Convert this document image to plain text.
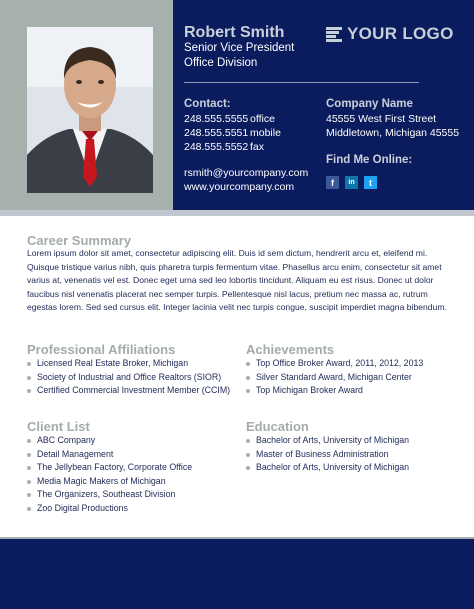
Robert Smith
Senior Vice President
Office Division
YOUR LOGO
Contact:
248.555.5555 office
248.555.5551 mobile
248.555.5552 fax
rsmith@yourcompany.com
www.yourcompany.com
Company Name
45555 West First Street
Middletown, Michigan 45555
Find Me Online:
f	in	t
Career Summary
Lorem ipsum dolor sit amet, consectetur adipiscing elit. Duis id sem dictum, hendrerit arcu et, eleifend mi. Quisque tristique varius nibh, quis pharetra turpis fermentum vitae. Phasellus arcu enim, consectetur sit amet varius at, venenatis vel est. Donec eget urna sed leo lobortis tincidunt. Aliquam eu est risus. Donec ut dolor faucibus nisl venenatis placerat nec semper turpis. Pellentesque nisl lacus, pretium nec massa ac, rutrum egestas lorem. Sed sed cursus elit. Integer lacinia velit nec turpis congue, suscipit imperdiet magna bibendum.
Professional Affiliations
Licensed Real Estate Broker, Michigan
Society of Industrial and Office Realtors (SIOR)
Certified Commercial Investment Member (CCIM)
Achievements
Top Office Broker Award, 2011, 2012, 2013
Silver Standard Award, Michigan Center
Top Michigan Broker Award
Client List
ABC Company
Detail Management
The Jellybean Factory, Corporate Office
Media Magic Makers of Michigan
The Organizers, Southeast Division
Zoo Digital Productions
Education
Bachelor of Arts, University of Michigan
Master of Business Administration
Bachelor of Arts, University of Michigan
